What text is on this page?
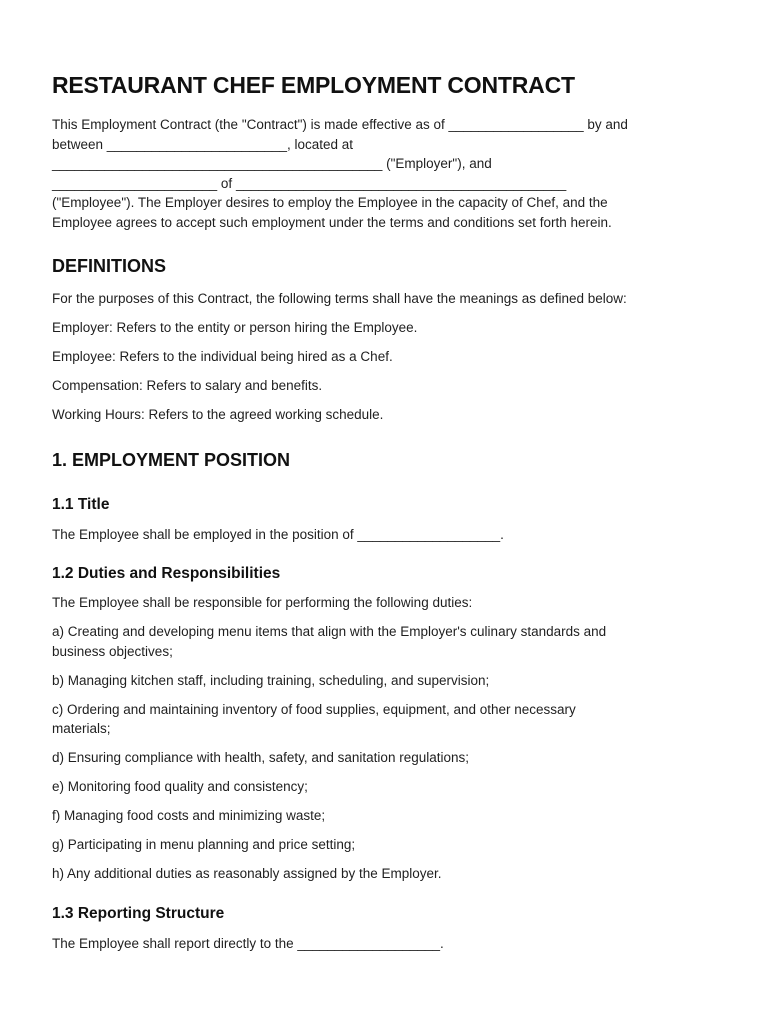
RESTAURANT CHEF EMPLOYMENT CONTRACT

This Employment Contract (the "Contract") is made effective as of __________________ by and
between ________________________, located at
____________________________________________ ("Employer"), and
______________________ of ____________________________________________
("Employee"). The Employer desires to employ the Employee in the capacity of Chef, and the
Employee agrees to accept such employment under the terms and conditions set forth herein.

DEFINITIONS

For the purposes of this Contract, the following terms shall have the meanings as defined below:

Employer: Refers to the entity or person hiring the Employee.

Employee: Refers to the individual being hired as a Chef.

Compensation: Refers to salary and benefits.

Working Hours: Refers to the agreed working schedule.

1. EMPLOYMENT POSITION
1.1 Title

The Employee shall be employed in the position of ___________________.

1.2 Duties and Responsibilities

The Employee shall be responsible for performing the following duties:

a) Creating and developing menu items that align with the Employer's culinary standards and
business objectives;

b) Managing kitchen staff, including training, scheduling, and supervision;

c) Ordering and maintaining inventory of food supplies, equipment, and other necessary
materials;

d) Ensuring compliance with health, safety, and sanitation regulations;

e) Monitoring food quality and consistency;

f) Managing food costs and minimizing waste;

g) Participating in menu planning and price setting;

h) Any additional duties as reasonably assigned by the Employer.

1.3 Reporting Structure

The Employee shall report directly to the ___________________.
